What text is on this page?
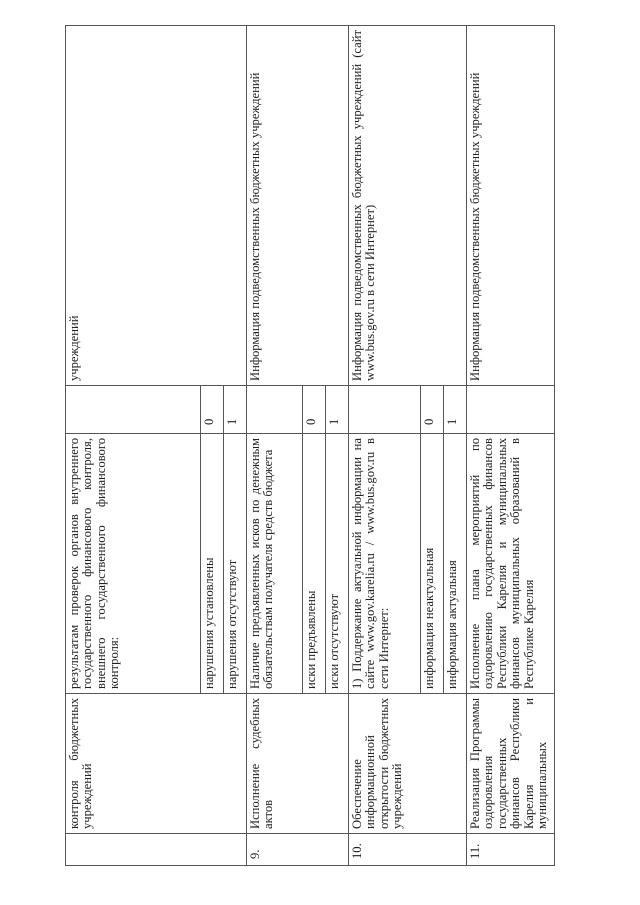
	контроля бюджетных учреждений	результатам проверок органов внутреннего государственного финансового контроля, внешнего государственного финансового контроля:		учреждений
		нарушения установлены	0	
		нарушения отсутствуют	1	
9.	Исполнение судебных актов	Наличие предъявленных исков по денежным обязательствам получателя средств бюджета		Информация подведомственных бюджетных учреждений
		иски предъявлены	0	
		иски отсутствуют	1	
10.	Обеспечение информационной открытости бюджетных учреждений	1) Поддержание актуальной информации на сайте www.gov.karelia.ru / www.bus.gov.ru в сети Интернет:		Информация подведомственных бюджетных учреждений (сайт www.bus.gov.ru в сети Интернет)
		информация неактуальная	0	
		информация актуальная	1	
11.	Реализация Программы оздоровления государственных финансов Республики Карелия и муниципальных	Исполнение плана мероприятий по оздоровлению государственных финансов Республики Карелия и муниципальных финансов муниципальных образований в Республике Карелия		Информация подведомственных бюджетных учреждений
